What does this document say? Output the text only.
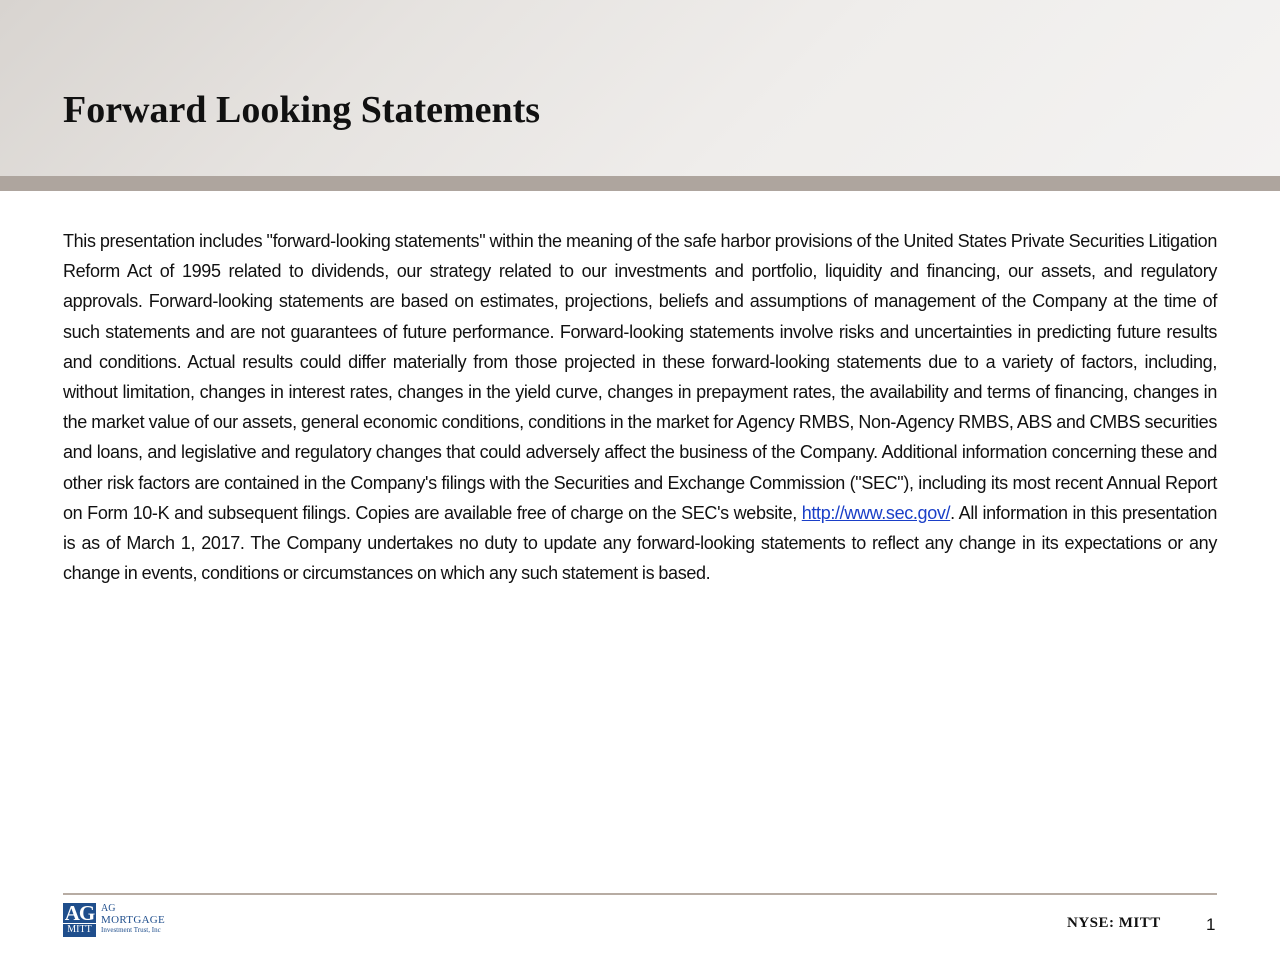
Forward Looking Statements

This presentation includes "forward-looking statements" within the meaning of the safe harbor provisions of the United States Private Securities Litigation Reform Act of 1995 related to dividends, our strategy related to our investments and portfolio, liquidity and financing, our assets, and regulatory approvals. Forward-looking statements are based on estimates, projections, beliefs and assumptions of management of the Company at the time of such statements and are not guarantees of future performance. Forward-looking statements involve risks and uncertainties in predicting future results and conditions. Actual results could differ materially from those projected in these forward-looking statements due to a variety of factors, including, without limitation, changes in interest rates, changes in the yield curve, changes in prepayment rates, the availability and terms of financing, changes in the market value of our assets, general economic conditions, conditions in the market for Agency RMBS, Non-Agency RMBS, ABS and CMBS securities and loans, and legislative and regulatory changes that could adversely affect the business of the Company. Additional information concerning these and other risk factors are contained in the Company's filings with the Securities and Exchange Commission ("SEC"), including its most recent Annual Report on Form 10-K and subsequent filings. Copies are available free of charge on the SEC's website, http://www.sec.gov/. All information in this presentation is as of March 1, 2017. The Company undertakes no duty to update any forward-looking statements to reflect any change in its expectations or any change in events, conditions or circumstances on which any such statement is based.

AG
MITT
AG
MORTGAGE
Investment Trust, Inc	NYSE: MITT	1
